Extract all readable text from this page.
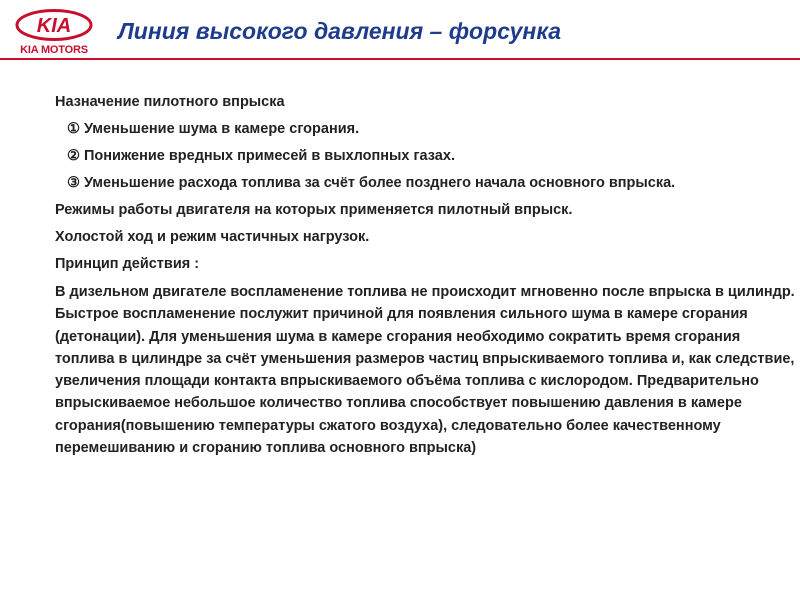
KIA
KIA MOTORS
Линия высокого давления – форсунка

Назначение пилотного впрыска

① Уменьшение шума в камере сгорания.

② Понижение вредных примесей в выхлопных газах.

③ Уменьшение расхода топлива за счёт более позднего начала основного впрыска.

Режимы работы двигателя на которых применяется пилотный впрыск.

Холостой ход и режим частичных нагрузок.

Принцип действия :

В дизельном двигателе воспламенение топлива не происходит мгновенно после впрыска в цилиндр. Быстрое воспламенение послужит причиной для появления сильного шума в камере сгорания (детонации). Для уменьшения шума в камере сгорания необходимо сократить время сгорания топлива в цилиндре за счёт уменьшения размеров частиц впрыскиваемого топлива и, как следствие, увеличения площади контакта впрыскиваемого объёма топлива с кислородом. Предварительно впрыскиваемое небольшое количество топлива способствует повышению давления в камере сгорания(повышению температуры сжатого воздуха), следовательно более качественному перемешиванию и сгоранию топлива основного впрыска)
